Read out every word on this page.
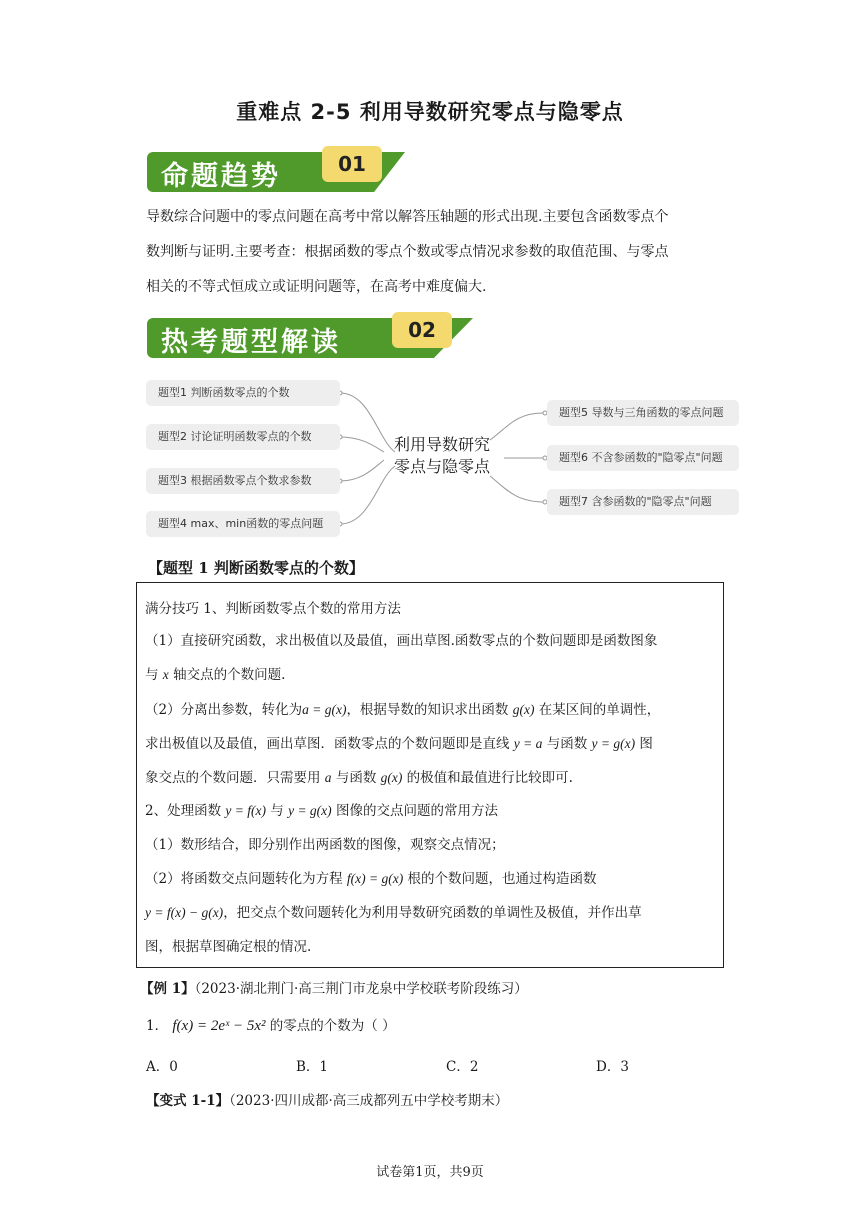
重难点 2-5 利用导数研究零点与隐零点
命题趋势	01
导数综合问题中的零点问题在高考中常以解答压轴题的形式出现.主要包含函数零点个
数判断与证明.主要考查：根据函数的零点个数或零点情况求参数的取值范围、与零点
相关的不等式恒成立或证明问题等，在高考中难度偏大.
热考题型解读	02
题型1 判断函数零点的个数
题型2 讨论证明函数零点的个数
题型3 根据函数零点个数求参数
题型4 max、min函数的零点问题
利用导数研究
零点与隐零点
题型5 导数与三角函数的零点问题
题型6 不含参函数的"隐零点"问题
题型7 含参函数的"隐零点"问题
【题型 1 判断函数零点的个数】
满分技巧 1、判断函数零点个数的常用方法
（1）直接研究函数，求出极值以及最值，画出草图.函数零点的个数问题即是函数图象
与 x 轴交点的个数问题.
（2）分离出参数，转化为a = g(x)，根据导数的知识求出函数 g(x) 在某区间的单调性，
求出极值以及最值，画出草图．函数零点的个数问题即是直线 y = a 与函数 y = g(x) 图
象交点的个数问题．只需要用 a 与函数 g(x) 的极值和最值进行比较即可.
2、处理函数 y = f(x) 与 y = g(x) 图像的交点问题的常用方法
（1）数形结合，即分别作出两函数的图像，观察交点情况；
（2）将函数交点问题转化为方程 f(x) = g(x) 根的个数问题，也通过构造函数
y = f(x) − g(x)，把交点个数问题转化为利用导数研究函数的单调性及极值，并作出草
图，根据草图确定根的情况.
【例 1】（2023·湖北荆门·高三荆门市龙泉中学校联考阶段练习）
1． f(x) = 2eˣ − 5x² 的零点的个数为（ ）
A．0	B．1	C．2	D．3
【变式 1-1】（2023·四川成都·高三成都列五中学校考期末）
试卷第1页，共9页
